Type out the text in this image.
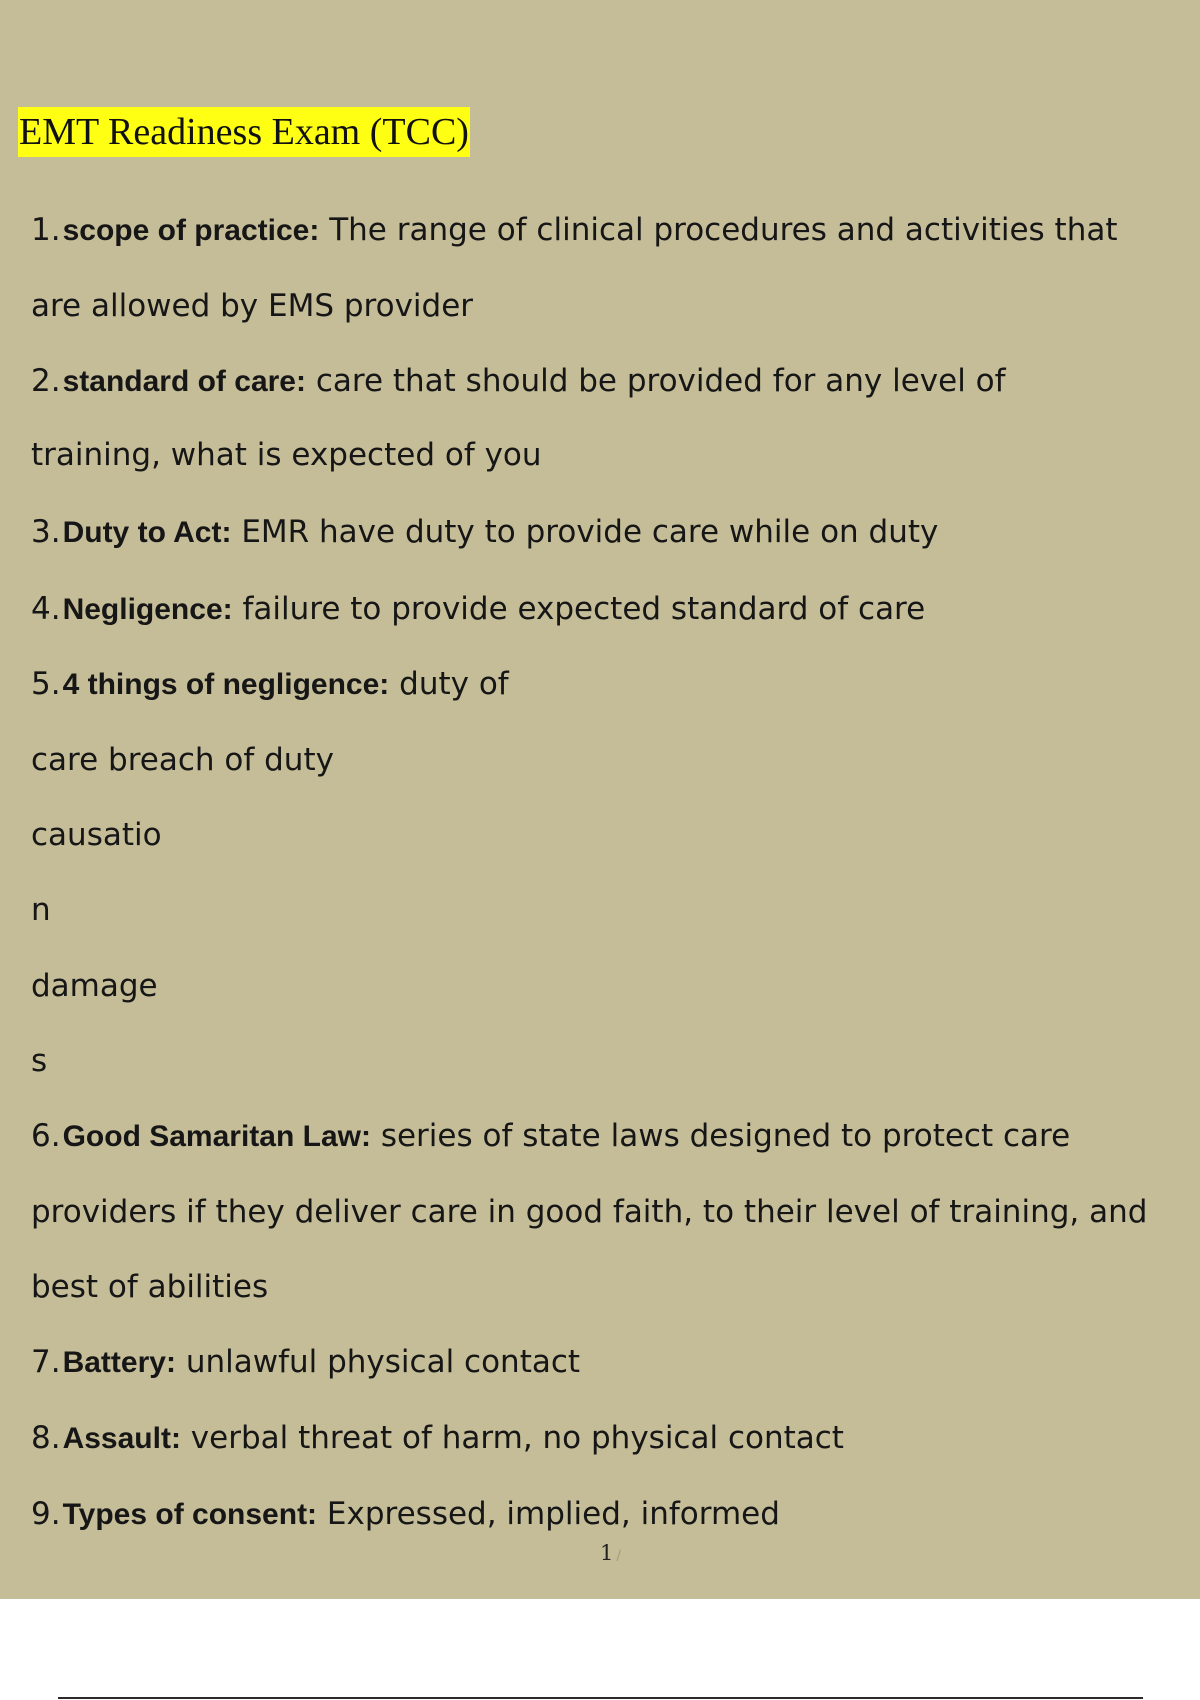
EMT Readiness Exam (TCC)
1.scope of practice: The range of clinical procedures and activities that
are allowed by EMS provider
2.standard of care: care that should be provided for any level of
training, what is expected of you
3.Duty to Act: EMR have duty to provide care while on duty
4.Negligence: failure to provide expected standard of care
5.4 things of negligence: duty of
care breach of duty
causatio
n
damage
s
6.Good Samaritan Law: series of state laws designed to protect care
providers if they deliver care in good faith, to their level of training, and
best of abilities
7.Battery: unlawful physical contact
8.Assault: verbal threat of harm, no physical contact
9.Types of consent: Expressed, implied, informed
1 /
